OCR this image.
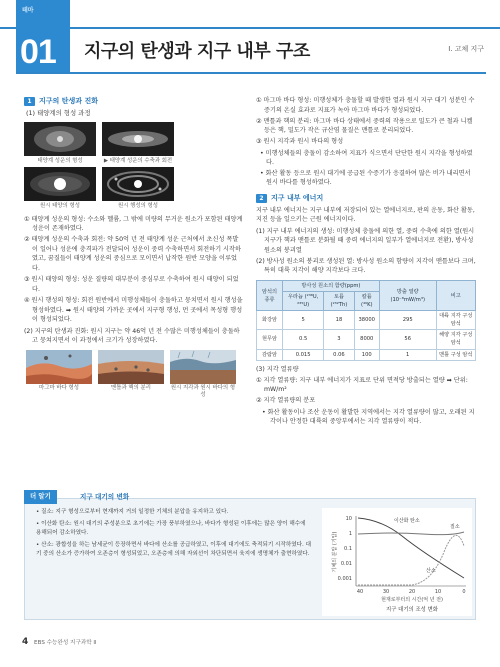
테마
01 지구의 탄생과 지구 내부 구조	I. 고체 지구
1	지구의 탄생과 진화
(1) 태양계의 형성 과정
태양계 성운의 형성	▶ 태양계 성운의 수축과 회전
원시 태양의 형성	원시 행성의 형성

① 태양계 성운의 형성: 수소와 헬륨, 그 밖에 미량의 무거운 원소가 포함된 태양계 성운이 존재하였다.

② 태양계 성운의 수축과 회전: 약 50억 년 전 태양계 성운 근처에서 초신성 폭발이 일어나 성운에 충격파가 전달되어 성운이 중력 수축하면서 회전하기 시작하였고, 꿈질들이 태양계 성운의 중심으로 모이면서 납작한 원반 모양을 이루었다.

③ 원시 태양의 형성: 성운 질량의 대부분이 중심부로 수축하여 원시 태양이 되었다.

④ 원시 행성의 형성: 회전 원반에서 미행성체들이 충돌하고 뭉치면서 원시 행성을 형성하였다. ➡ 원시 태양의 가까운 곳에서 지구형 행성, 먼 곳에서 목성형 행성이 형성되었다.

(2) 지구의 탄생과 진화: 원시 지구는 약 46억 년 전 수많은 미행성체들이 충돌하고 뭉쳐지면서 이 과정에서 크기가 성장하였다.

마그마 바다 형성	맨틀과 핵의 분리	원시 지각과 원시 바다의 형성

① 마그마 바다 형성: 미행성체가 충돌할 때 발생한 열과 원시 지구 대기 성분인 수증기의 온실 효과로 지표가 녹아 마그마 바다가 형성되었다.

② 맨틀과 핵의 분리: 마그마 바다 상태에서 중력의 작용으로 밀도가 큰 철과 니켈 등은 핵, 밀도가 작은 규산염 물질은 맨틀로 분리되었다.

③ 원시 지각과 원시 바다의 형성

• 미행성체들의 충돌이 감소하여 지표가 식으면서 단단한 원시 지각을 형성하였다.

• 화산 활동 등으로 원시 대기에 공급된 수증기가 응결하여 많은 비가 내리면서 원시 바다를 형성하였다.

2	지구 내부 에너지

지구 내부 에너지는 지구 내부에 저장되어 있는 열에너지로, 판의 운동, 화산 활동, 지진 등을 일으키는 근원 에너지이다.

(1) 지구 내부 에너지의 생성: 미행성체 충돌에 의한 열, 중력 수축에 의한 열(원시 지구가 핵과 맨틀로 분화될 때 중력 에너지의 일부가 열에너지로 전환), 방사성 원소의 붕괴열

(2) 방사성 원소의 붕괴로 생성된 열: 방사성 원소의 함량이 지각이 맨틀보다 크며, 특히 대륙 지각이 해양 지각보다 크다.

암석의 종류	방사성 원소의 함량(ppm)			방출 열량 (10⁻⁸mW/m³)	비고
	우라늄 (²³⁸U, ²³⁵U)	토륨 (²³²Th)	칼륨(⁴⁰K)		
화강암	5	18	38000	295	대륙 지각 구성 암석
현무암	0.5	3	8000	56	해양 지각 구성 암석
감람암	0.015	0.06	100	1	맨틀 구성 암석

(3) 지각 열류량

① 지각 열류량: 지구 내부 에너지가 지표로 단위 면적당 방출되는 열량 ➡ 단위: mW/m²

② 지각 열류량의 분포

• 화산 활동이나 조산 운동이 활발한 지역에서는 지각 열류량이 많고, 오래된 지각이나 안정한 대륙의 중앙부에서는 지각 열류량이 적다.

더 알기	지구 대기의 변화

• 질소: 지구 형성으로부터 현재까지 거의 일정한 기체의 분압을 유지하고 있다.

• 이산화 탄소: 원시 대기의 주성분으로 초기에는 가장 풍부하였으나, 바다가 형성된 이후에는 많은 양이 해수에 용해되어 감소하였다.

• 산소: 광합성을 하는 남세균이 등장하면서 바다에 산소를 공급하였고, 이후에 대기에도 축적되기 시작하였다. 대기 중의 산소가 증가하여 오존층이 형성되었고, 오존층에 의해 자외선이 차단되면서 육지에 생명체가 출현하였다.

10
1
0.1
0.01
0.001
40	30	20	10	0
기체의 분압 (기압)
현재로부터의 시간(억 년 전)
지구 대기의 조성 변화
이산화 탄소
질소
산소
4 EBS 수능완성 지구과학 Ⅱ
